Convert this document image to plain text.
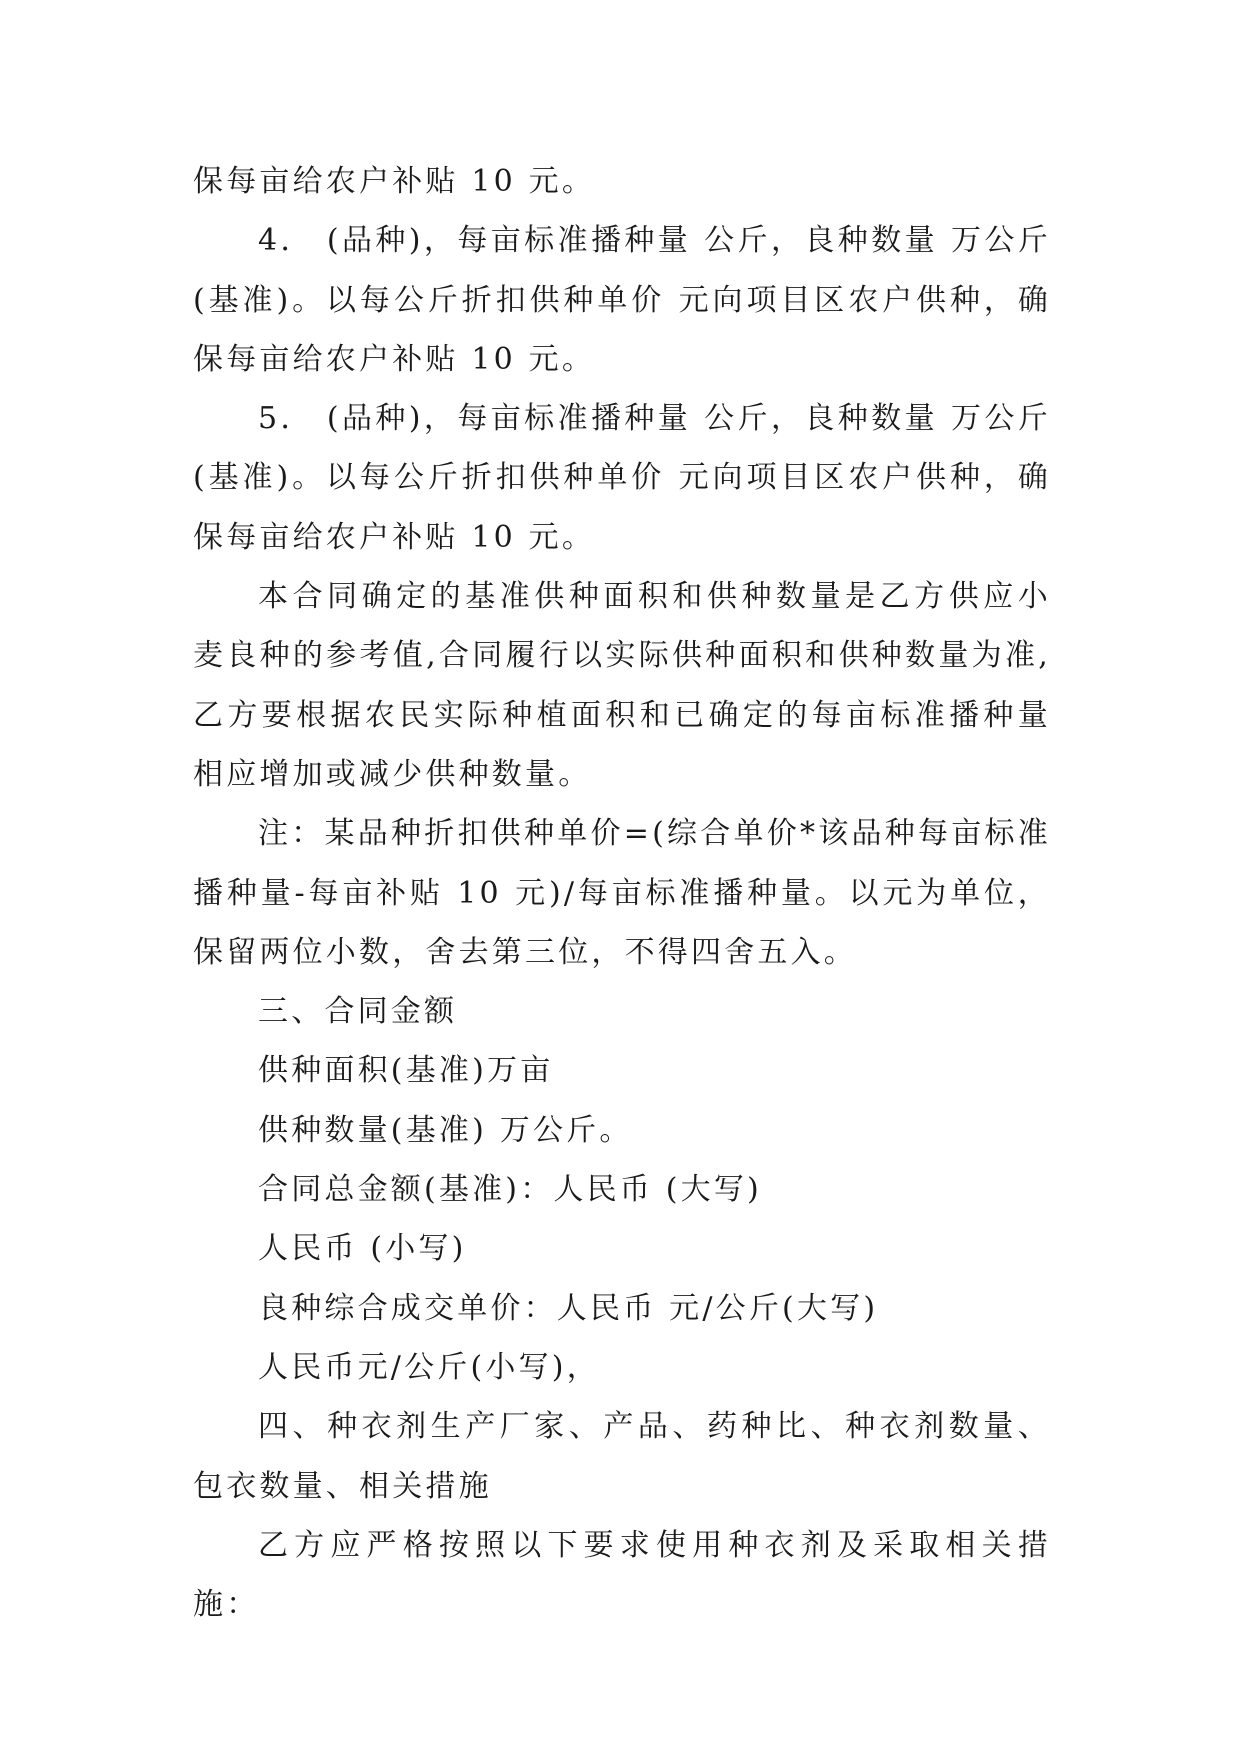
保每亩给农户补贴 10 元。

4． (品种)，每亩标准播种量 公斤，良种数量 万公斤(基准)。以每公斤折扣供种单价 元向项目区农户供种，确保每亩给农户补贴 10 元。

5． (品种)，每亩标准播种量 公斤，良种数量 万公斤(基准)。以每公斤折扣供种单价 元向项目区农户供种，确保每亩给农户补贴 10 元。

本合同确定的基准供种面积和供种数量是乙方供应小麦良种的参考值,合同履行以实际供种面积和供种数量为准,乙方要根据农民实际种植面积和已确定的每亩标准播种量相应增加或减少供种数量。

注：某品种折扣供种单价=(综合单价*该品种每亩标准播种量-每亩补贴 10 元)/每亩标准播种量。以元为单位，保留两位小数，舍去第三位，不得四舍五入。

三、合同金额

供种面积(基准)万亩

供种数量(基准) 万公斤。

合同总金额(基准)：人民币 (大写)

人民币 (小写)

良种综合成交单价：人民币 元/公斤(大写)

人民币元/公斤(小写)，

四、种衣剂生产厂家、产品、药种比、种衣剂数量、包衣数量、相关措施

乙方应严格按照以下要求使用种衣剂及采取相关措施：
